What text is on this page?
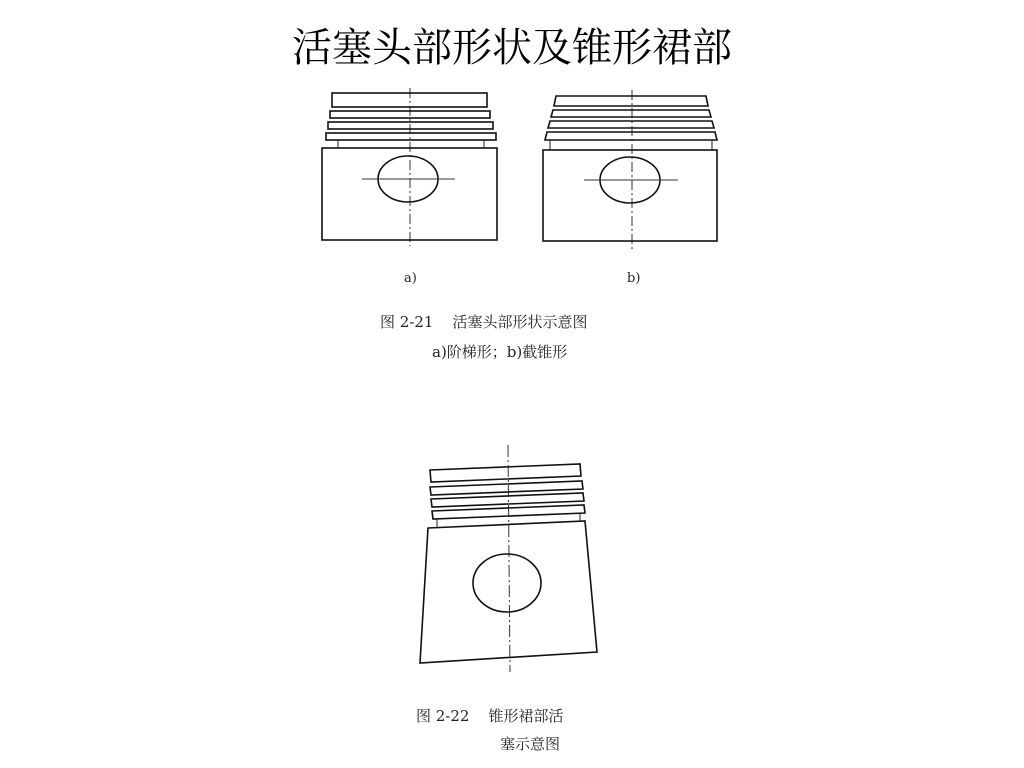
活塞头部形状及锥形裙部
a)	b)
图 2-21    活塞头部形状示意图
a)阶梯形；b)截锥形
图 2-22    锥形裙部活
塞示意图
